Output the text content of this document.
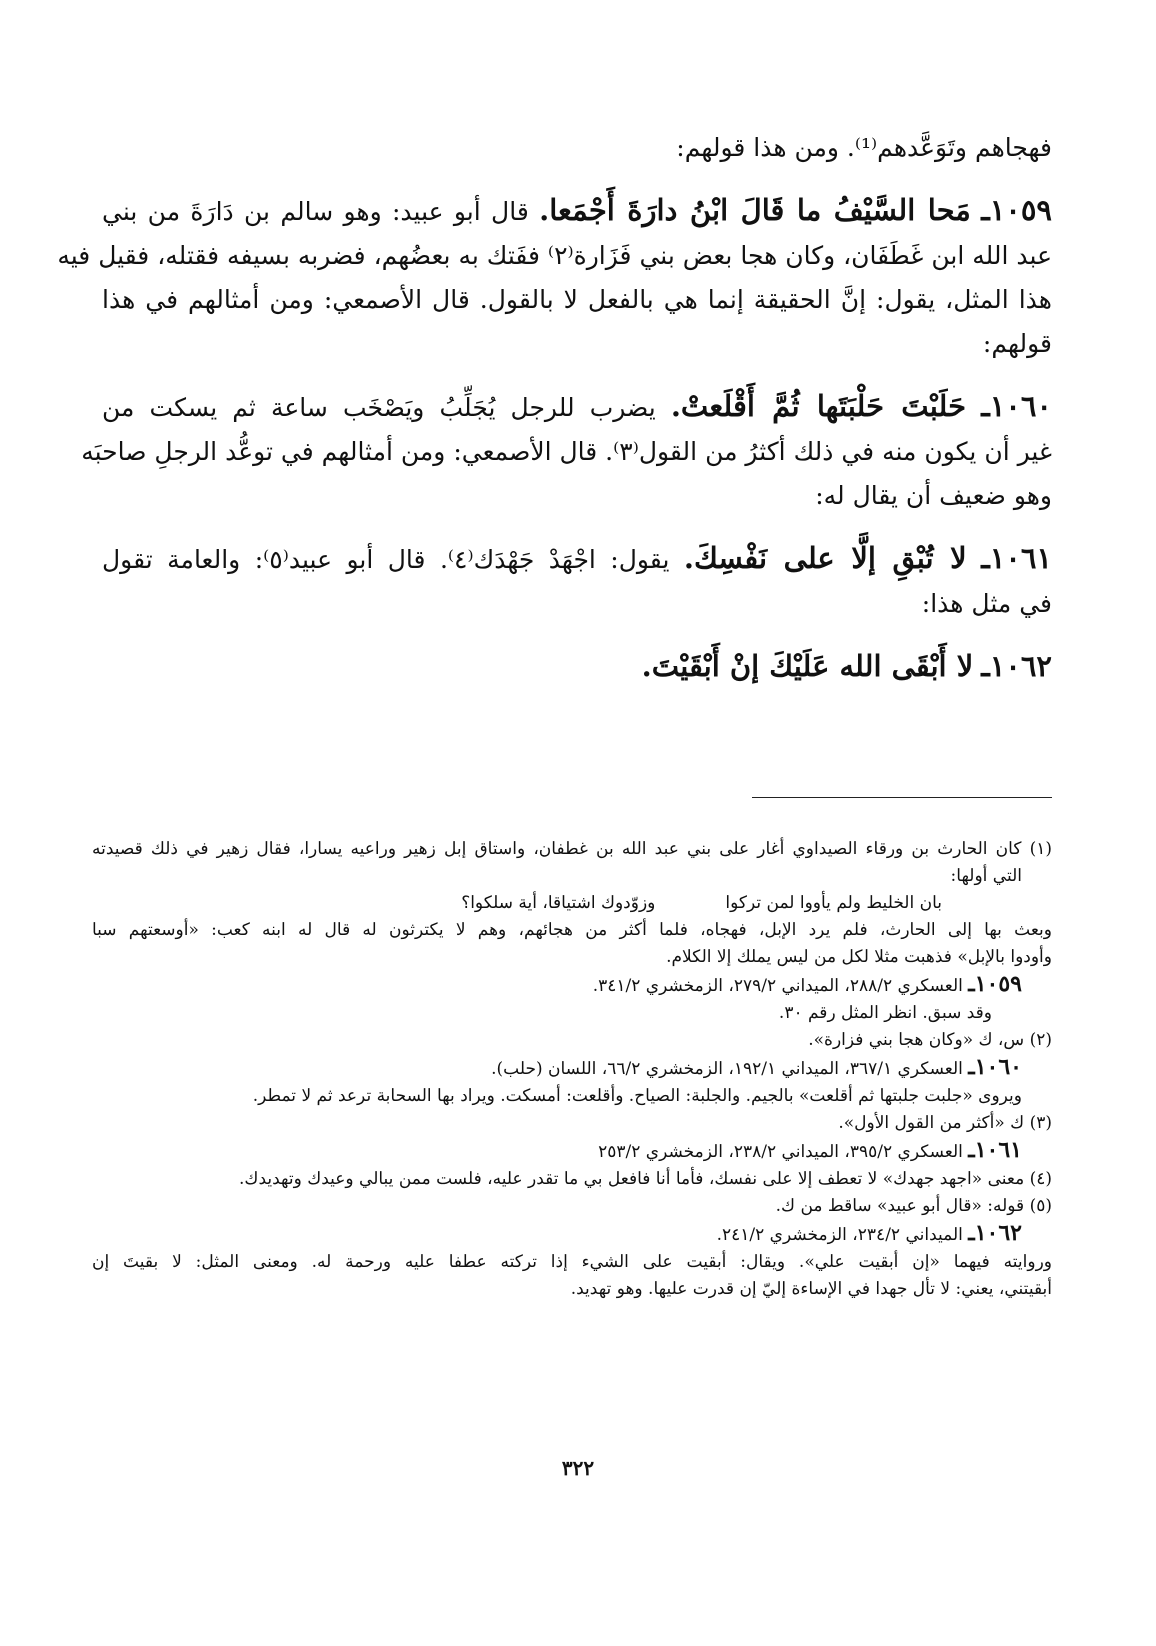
فهجاهم وتَوَعَّدهم⁽¹⁾. ومن هذا قولهم:

١٠٥٩ـ مَحا السَّيْفُ ما قَالَ ابْنُ دارَةَ أَجْمَعا. قال أبو عبيد: وهو سالم بن دَارَةَ من بني

عبد الله ابن غَطَفَان، وكان هجا بعض بني فَزَارة⁽٢⁾ ففَتك به بعضُهم، فضربه بسيفه فقتله، فقيل فيه

هذا المثل، يقول: إنَّ الحقيقة إنما هي بالفعل لا بالقول. قال الأصمعي: ومن أمثالهم في هذا

قولهم:

١٠٦٠ـ حَلَبْتَ حَلْبَتَها ثُمَّ أَقْلَعتْ. يضرب للرجل يُجَلِّبُ ويَصْخَب ساعة ثم يسكت من

غير أن يكون منه في ذلك أكثرُ من القول⁽٣⁾. قال الأصمعي: ومن أمثالهم في توعُّد الرجلِ صاحبَه

وهو ضعيف أن يقال له:

١٠٦١ـ لا تُبْقِ إلَّا على نَفْسِكَ. يقول: اجْهَدْ جَهْدَك⁽٤⁾. قال أبو عبيد⁽٥⁾: والعامة تقول

في مثل هذا:

١٠٦٢ـ لا أَبْقَى الله عَلَيْكَ إنْ أَبْقَيْتَ.

(١) كان الحارث بن ورقاء الصيداوي أغار على بني عبد الله بن غطفان، واستاق إبل زهير وراعيه يسارا، فقال زهير في ذلك قصيدته

التي أولها:

بان الخليط ولم يأووا لمن تركوا
وزوّدوك اشتياقا، أية سلكوا؟

وبعث بها إلى الحارث، فلم يرد الإبل، فهجاه، فلما أكثر من هجائهم، وهم لا يكترثون له قال له ابنه كعب: «أوسعتهم سبا

وأودوا بالإبل» فذهبت مثلا لكل من ليس يملك إلا الكلام.

١٠٥٩ـ العسكري ٢٨٨/٢، الميداني ٢٧٩/٢، الزمخشري ٣٤١/٢.

وقد سبق. انظر المثل رقم ٣٠.

(٢) س، ك «وكان هجا بني فزارة».

١٠٦٠ـ العسكري ٣٦٧/١، الميداني ١٩٢/١، الزمخشري ٦٦/٢، اللسان (حلب).

ويروى «جلبت جلبتها ثم أقلعت» بالجيم. والجلبة: الصياح. وأقلعت: أمسكت. ويراد بها السحابة ترعد ثم لا تمطر.

(٣) ك «أكثر من القول الأول».

١٠٦١ـ العسكري ٣٩٥/٢، الميداني ٢٣٨/٢، الزمخشري ٢٥٣/٢

(٤) معنى «اجهد جهدك» لا تعطف إلا على نفسك، فأما أنا فافعل بي ما تقدر عليه، فلست ممن يبالي وعيدك وتهديدك.

(٥) قوله: «قال أبو عبيد» ساقط من ك.

١٠٦٢ـ الميداني ٢٣٤/٢، الزمخشري ٢٤١/٢.

وروايته فيهما «إن أبقيت علي». ويقال: أبقيت على الشيء إذا تركته عطفا عليه ورحمة له. ومعنى المثل: لا بقيتَ إن

أبقيتني، يعني: لا تأل جهدا في الإساءة إليّ إن قدرت عليها. وهو تهديد.

٣٢٢
